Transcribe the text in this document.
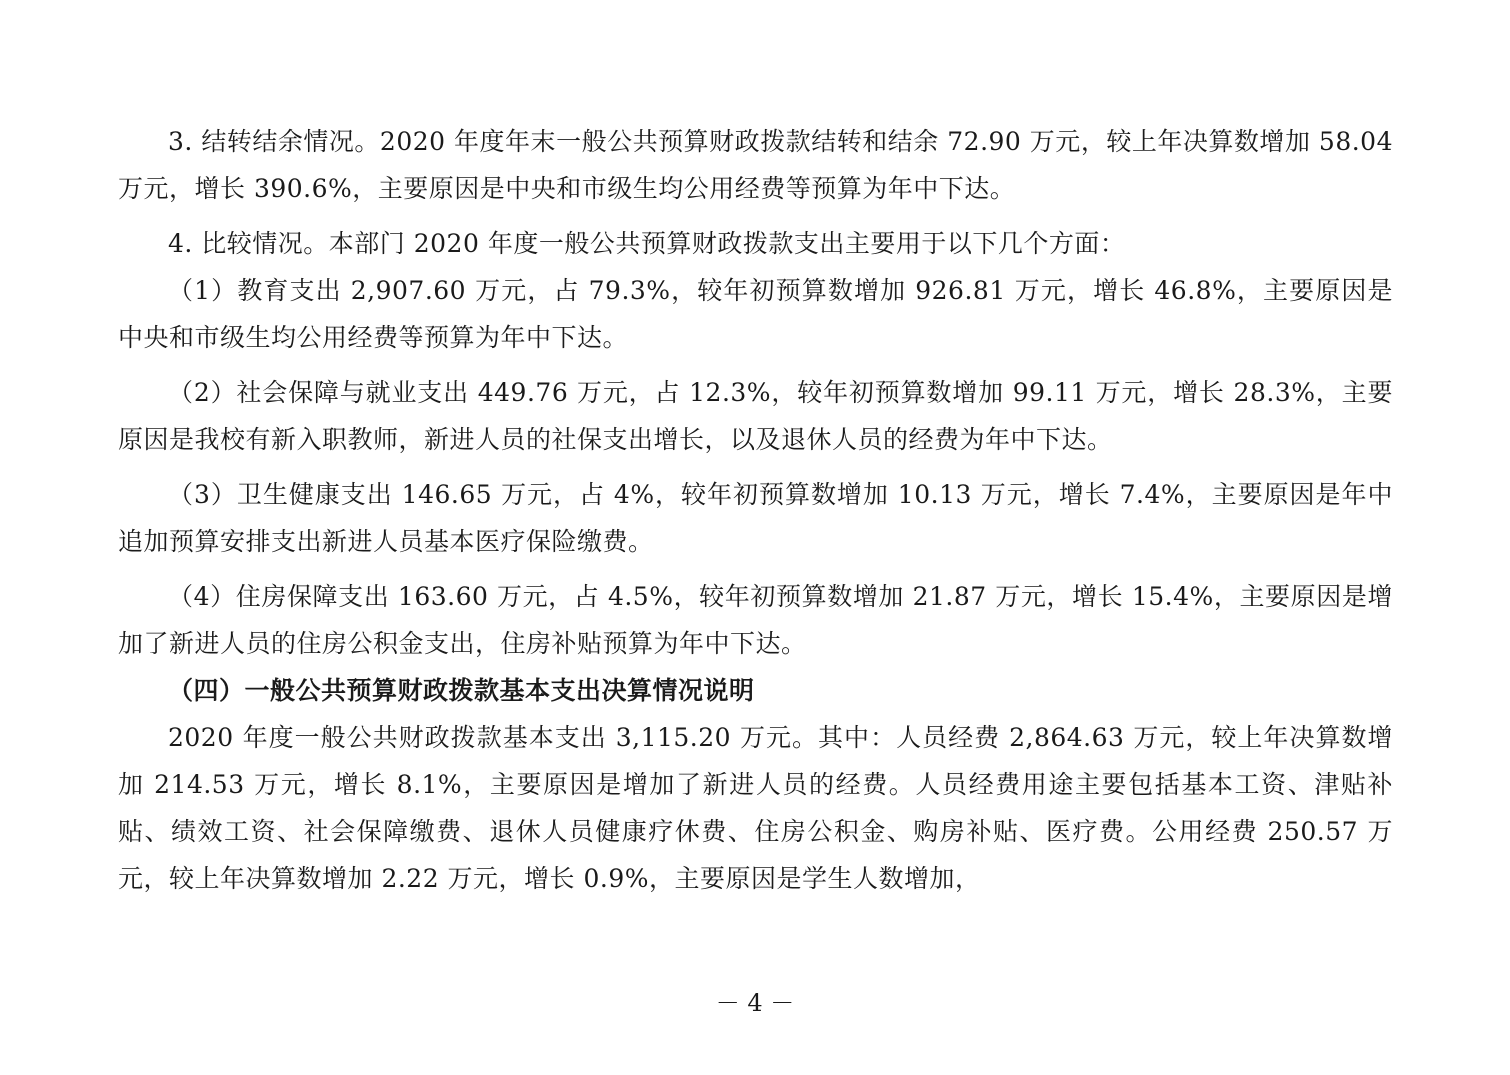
3. 结转结余情况。2020 年度年末一般公共预算财政拨款结转和结余 72.90 万元，较上年决算数增加 58.04 万元，增长 390.6%，主要原因是中央和市级生均公用经费等预算为年中下达。

4. 比较情况。本部门 2020 年度一般公共预算财政拨款支出主要用于以下几个方面：

（1）教育支出 2,907.60 万元，占 79.3%，较年初预算数增加 926.81 万元，增长 46.8%，主要原因是中央和市级生均公用经费等预算为年中下达。

（2）社会保障与就业支出 449.76 万元，占 12.3%，较年初预算数增加 99.11 万元，增长 28.3%，主要原因是我校有新入职教师，新进人员的社保支出增长，以及退休人员的经费为年中下达。

（3）卫生健康支出 146.65 万元，占 4%，较年初预算数增加 10.13 万元，增长 7.4%，主要原因是年中追加预算安排支出新进人员基本医疗保险缴费。

（4）住房保障支出 163.60 万元，占 4.5%，较年初预算数增加 21.87 万元，增长 15.4%，主要原因是增加了新进人员的住房公积金支出，住房补贴预算为年中下达。

（四）一般公共预算财政拨款基本支出决算情况说明

2020 年度一般公共财政拨款基本支出 3,115.20 万元。其中：人员经费 2,864.63 万元，较上年决算数增加 214.53 万元，增长 8.1%，主要原因是增加了新进人员的经费。人员经费用途主要包括基本工资、津贴补贴、绩效工资、社会保障缴费、退休人员健康疗休费、住房公积金、购房补贴、医疗费。公用经费 250.57 万元，较上年决算数增加 2.22 万元，增长 0.9%，主要原因是学生人数增加，

－ 4 －
